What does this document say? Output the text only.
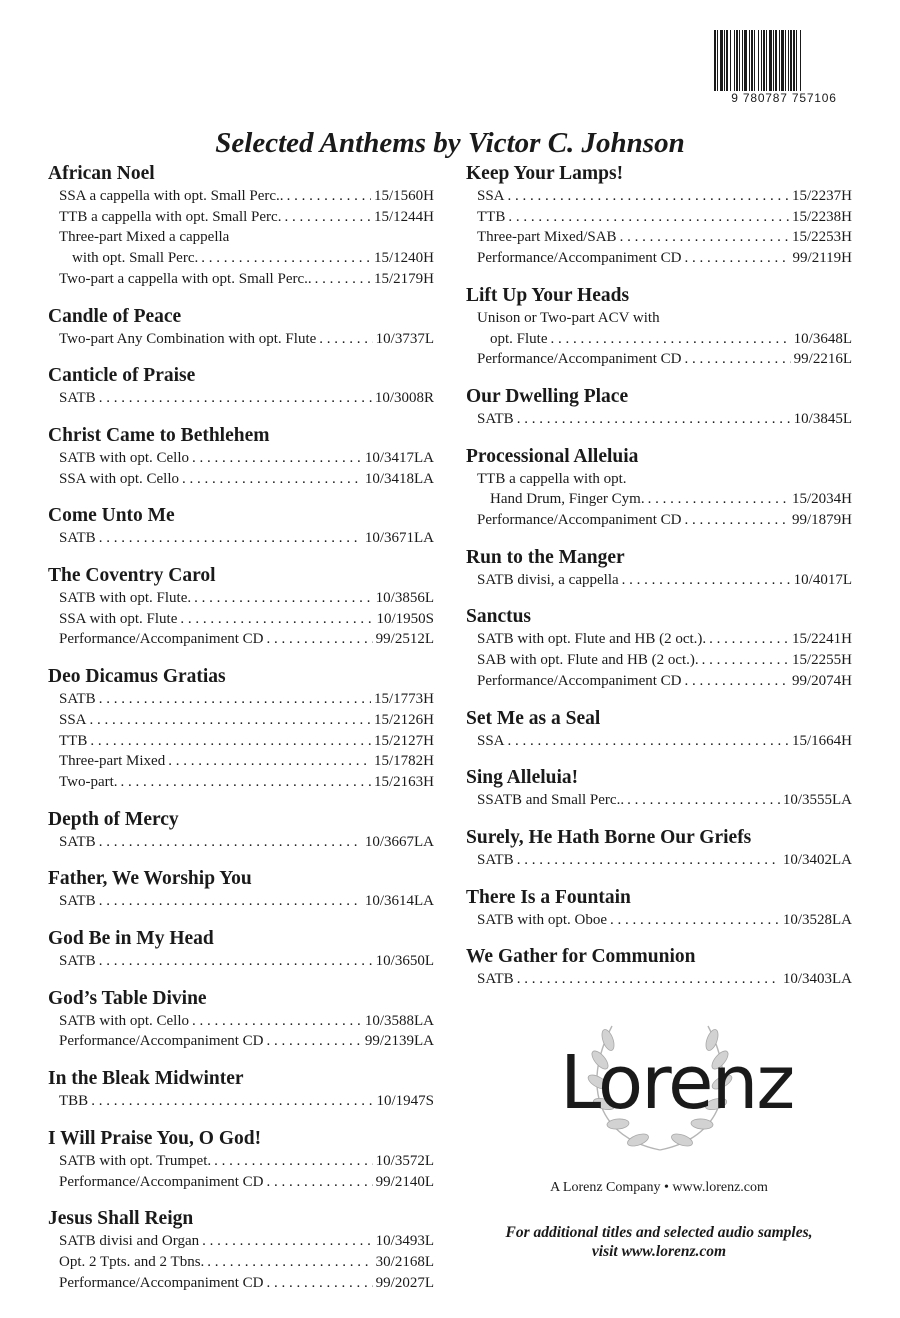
9 780787 757106
Selected Anthems by Victor C. Johnson
African Noel
SSA a cappella with opt. Small Perc.. . . .	15/1560H
TTB a cappella with opt. Small Perc. . . .	15/1244H
Three-part Mixed a cappella
with opt. Small Perc. . . .	15/1240H
Two-part a cappella with opt. Small Perc.. . . .	15/2179H
Candle of Peace
Two-part Any Combination with opt. Flute . . .	10/3737L
Canticle of Praise
SATB . . .	10/3008R
Christ Came to Bethlehem
SATB with opt. Cello . . .	10/3417LA
SSA with opt. Cello . . .	10/3418LA
Come Unto Me
SATB . . .	10/3671LA
The Coventry Carol
SATB with opt. Flute. . . .	10/3856L
SSA with opt. Flute . . .	10/1950S
Performance/Accompaniment CD . . .	99/2512L
Deo Dicamus Gratias
SATB . . .	15/1773H
SSA . . .	15/2126H
TTB . . .	15/2127H
Three-part Mixed . . .	15/1782H
Two-part. . . .	15/2163H
Depth of Mercy
SATB . . .	10/3667LA
Father, We Worship You
SATB . . .	10/3614LA
God Be in My Head
SATB . . .	10/3650L
God’s Table Divine
SATB with opt. Cello . . .	10/3588LA
Performance/Accompaniment CD . . .	99/2139LA
In the Bleak Midwinter
TBB . . .	10/1947S
I Will Praise You, O God!
SATB with opt. Trumpet. . . .	10/3572L
Performance/Accompaniment CD . . .	99/2140L
Jesus Shall Reign
SATB divisi and Organ . . .	10/3493L
Opt. 2 Tpts. and 2 Tbns. . . .	30/2168L
Performance/Accompaniment CD . . .	99/2027L
Keep Your Lamps!
SSA . . .	15/2237H
TTB . . .	15/2238H
Three-part Mixed/SAB . . .	15/2253H
Performance/Accompaniment CD . . .	99/2119H
Lift Up Your Heads
Unison or Two-part ACV with
opt. Flute . . .	10/3648L
Performance/Accompaniment CD . . .	99/2216L
Our Dwelling Place
SATB . . .	10/3845L
Processional Alleluia
TTB a cappella with opt.
Hand Drum, Finger Cym. . . .	15/2034H
Performance/Accompaniment CD . . .	99/1879H
Run to the Manger
SATB divisi, a cappella . . .	10/4017L
Sanctus
SATB with opt. Flute and HB (2 oct.). . . .	15/2241H
SAB with opt. Flute and HB (2 oct.). . . .	15/2255H
Performance/Accompaniment CD . . .	99/2074H
Set Me as a Seal
SSA . . .	15/1664H
Sing Alleluia!
SSATB and Small Perc.. . . .	10/3555LA
Surely, He Hath Borne Our Griefs
SATB . . .	10/3402LA
There Is a Fountain
SATB with opt. Oboe . . .	10/3528LA
We Gather for Communion
SATB . . .	10/3403LA
Lorenz
A Lorenz Company • www.lorenz.com
For additional titles and selected audio samples,
visit www.lorenz.com
